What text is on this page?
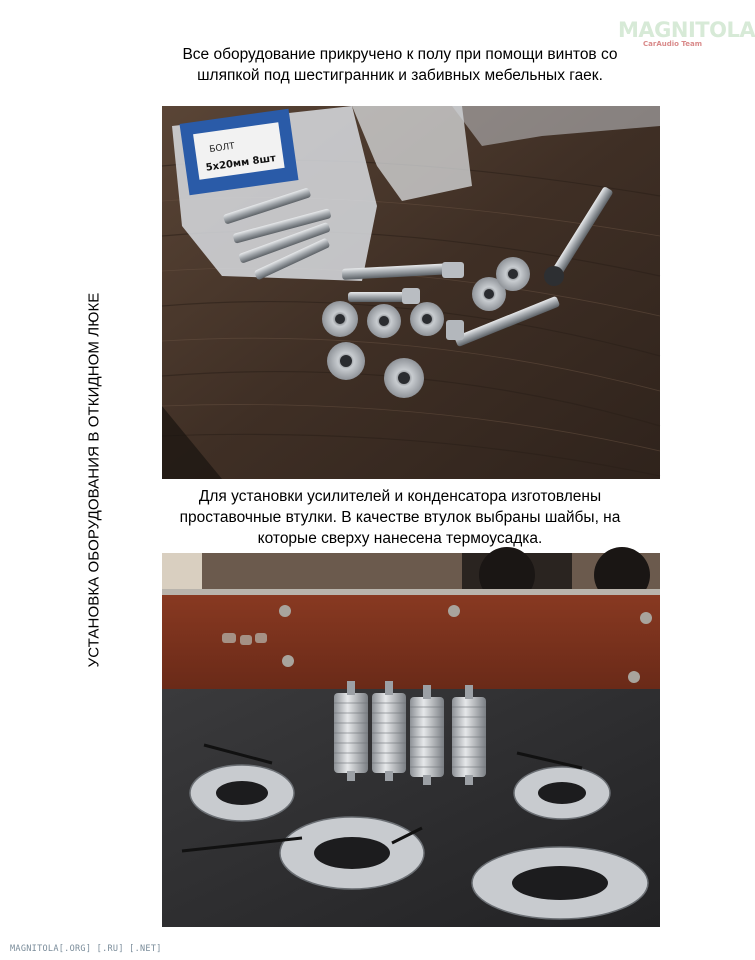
MAGNITOLA
CarAudio Team
Все оборудование прикручено к полу при помощи винтов со шляпкой под шестигранник и забивных мебельных гаек.
УСТАНОВКА ОБОРУДОВАНИЯ В ОТКИДНОМ ЛЮКЕ
БОЛТ
5x20мм 8шт
Для установки усилителей и конденсатора изготовлены проставочные втулки. В качестве втулок выбраны шайбы, на которые сверху нанесена термоусадка.
MAGNITOLA[.ORG] [.RU] [.NET]
